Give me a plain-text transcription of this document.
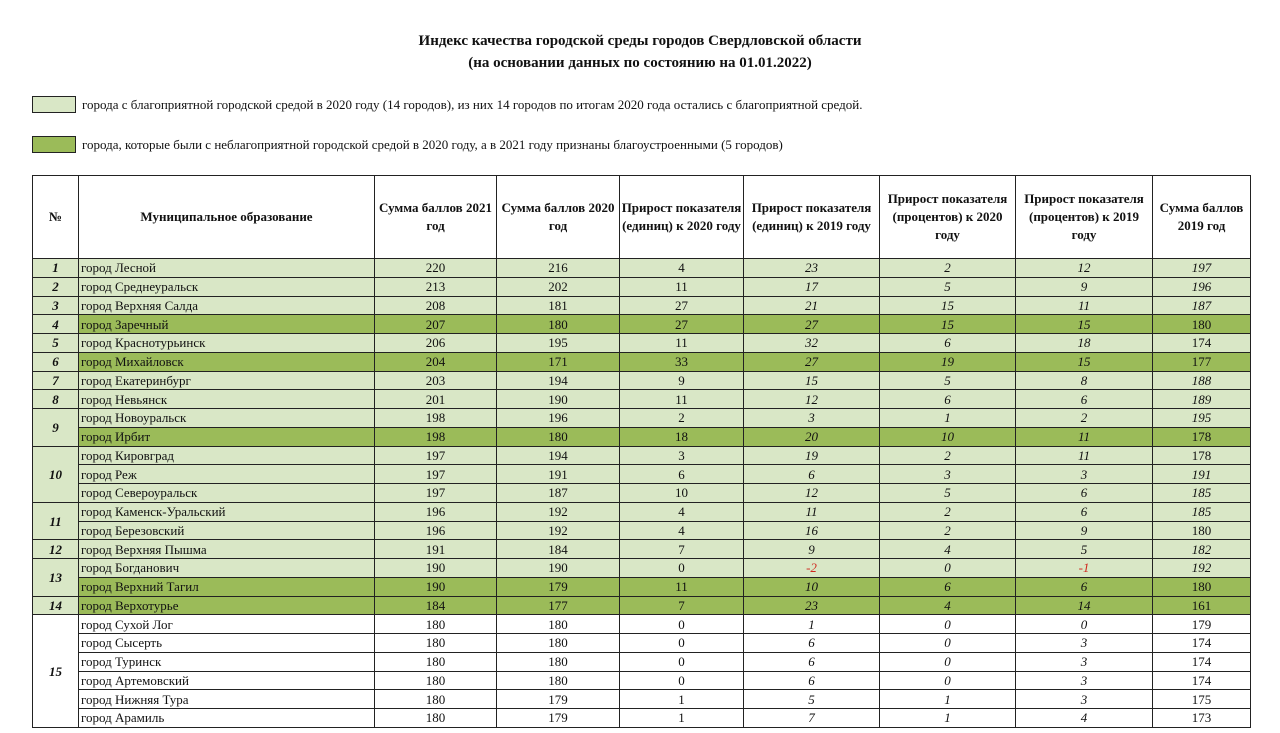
Индекс качества городской среды городов Свердловской области
(на основании данных по состоянию на 01.01.2022)
города с благоприятной городской средой в 2020 году (14 городов), из них 14 городов по итогам 2020 года остались с благоприятной средой.
города, которые были с неблагоприятной городской средой в 2020 году, а в 2021 году признаны благоустроенными (5 городов)
№	Муниципальное образование	Сумма баллов 2021 год	Сумма баллов 2020 год	Прирост показателя (единиц) к 2020 году	Прирост показателя (единиц) к 2019 году	Прирост показателя (процентов) к 2020 году	Прирост показателя (процентов) к 2019 году	Сумма баллов 2019 год
1	город Лесной	220	216	4	23	2	12	197
2	город Среднеуральск	213	202	11	17	5	9	196
3	город Верхняя Салда	208	181	27	21	15	11	187
4	город Заречный	207	180	27	27	15	15	180
5	город Краснотурьинск	206	195	11	32	6	18	174
6	город Михайловск	204	171	33	27	19	15	177
7	город Екатеринбург	203	194	9	15	5	8	188
8	город Невьянск	201	190	11	12	6	6	189
9	город Новоуральск	198	196	2	3	1	2	195
	город Ирбит	198	180	18	20	10	11	178
10	город Кировград	197	194	3	19	2	11	178
	город Реж	197	191	6	6	3	3	191
	город Североуральск	197	187	10	12	5	6	185
11	город Каменск-Уральский	196	192	4	11	2	6	185
	город Березовский	196	192	4	16	2	9	180
12	город Верхняя Пышма	191	184	7	9	4	5	182
13	город Богданович	190	190	0	-2	0	-1	192
	город Верхний Тагил	190	179	11	10	6	6	180
14	город Верхотурье	184	177	7	23	4	14	161
15	город Сухой Лог	180	180	0	1	0	0	179
	город Сысерть	180	180	0	6	0	3	174
	город Туринск	180	180	0	6	0	3	174
	город Артемовский	180	180	0	6	0	3	174
	город Нижняя Тура	180	179	1	5	1	3	175
	город Арамиль	180	179	1	7	1	4	173
